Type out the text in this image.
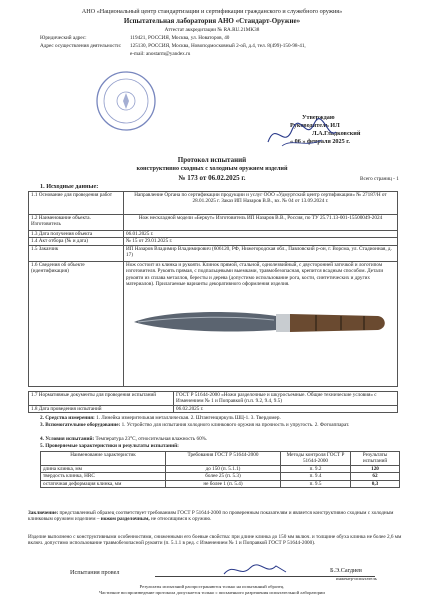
АНО «Национальный центр стандартизации и сертификации гражданского и служебного оружия»
Испытательная лаборатория АНО «Стандарт-Оружие»
Аттестат аккредитации № RA.RU.21MK38
Юридический адрес:	119421, РОССИЯ, Москва, ул. Новаторов, 40
Адрес осуществления деятельности:	125130, РОССИЯ, Москва, Новоподмосковный 2-ой, д.4, тел. 8(499)-150-98-41,
e-mail: anostarm@yandex.ru
Утверждаю
Руководитель ИЛ
Л.А.Гладковский
« 06 » февраля 2025 г.
Протокол испытаний
конструктивно сходных с холодным оружием изделий
№ 173 от 06.02.2025 г.	Всего страниц - 1
1. Исходные данные:
1.1 Основание для проведения работ	Направление Органа по сертификации продукции и услуг ООО «Удмуртский центр сертификации» № 27187/Н от 28.01.2025 г. Заказ ИП Назаров В.В., вх. № 04 от 13.09.2024 г.
1.2 Наименование объекта. Изготовитель	Нож нескладной модели «Беркут» Изготовитель ИП Назаров В.В., Россия, по ТУ 25.71.13-001-15500049-2024
1.3 Дата получения объекта	06.01.2025 г.
1.4 Акт отбора (№ и дата)	№ 15 от 29.01.2025 г.
1.5 Заказчик	ИП Назаров Владимир Владимирович (606120, РФ, Нижегородская обл., Павловский р-он, г. Ворсма, ул. Стадионная, д. 17)
1.6 Сведения об объекте (идентификация)	Нож состоит из клинка и рукояти. Клинок прямой, стальной, однолезвийный, с двусторонней заточкой и логотипом изготовителя. Рукоять прямая, с подпальцевыми выемками, травмобезопасная, крепится всадным способом. Детали рукояти из сплава металлов, бересты и дерева (допустимо использование рога, кости, синтетических и других материалов). Прилагаемые варианты декоративного оформления изделия.
1.7 Нормативные документы для проведения испытаний	ГОСТ Р 51644-2000 «Ножи разделочные и шкуросъемные. Общие технические условия» с Изменением № 1 и Поправкой (п.п. 9.2, 9.4, 9.5)
1.8 Дата проведения испытаний	06.02.2025 г.
2. Средства измерения: 1. Линейка измерительная металлическая. 2. Штангенциркуль ШЦ-1. 3. Твердомер.
3. Вспомогательное оборудование: 1. Устройство для испытания холодного клинкового оружия на прочность и упругость. 2. Фотоаппарат.
4. Условия испытаний: Температура 23°C, относительная влажность 60%.
5. Проверяемые характеристики и результаты испытаний:
Наименование характеристик	Требования ГОСТ Р 51644-2000	Методы контроля ГОСТ Р 51644-2000	Результаты испытаний
длина клинка, мм	до 150 (п. 5.1.1)	п. 9.2	120
твердость клинка, HRC	более 25 (п. 5.3)	п. 9.4	62
остаточная деформация клинка, мм	не более 1 (п. 5.4)	п. 9.5	0,3
Заключение: представленный образец соответствует требованиям ГОСТ Р 51644-2000 по проверенным показателям и является конструктивно сходным с холодным клинковым оружием изделием – ножом разделочным, не относящимся к оружию.
Изделие выполнено с конструктивными особенностями, сниженными его боевые свойства: при длине клинка до 150 мм включ. и толщине обуха клинка не более 2,6 мм включ. допустимо использование травмобезопасной рукояти (п. 5.1.1 в ред. с Изменением № 1 и Поправкой ГОСТ Р 51644-2000).
Испытания провел	Б.Э.Сагдиев
инженер-испытатель
Результаты испытаний распространяются только на испытанный образец.
Частичное воспроизведение протокола допускается только с письменного разрешения испытательной лаборатории
